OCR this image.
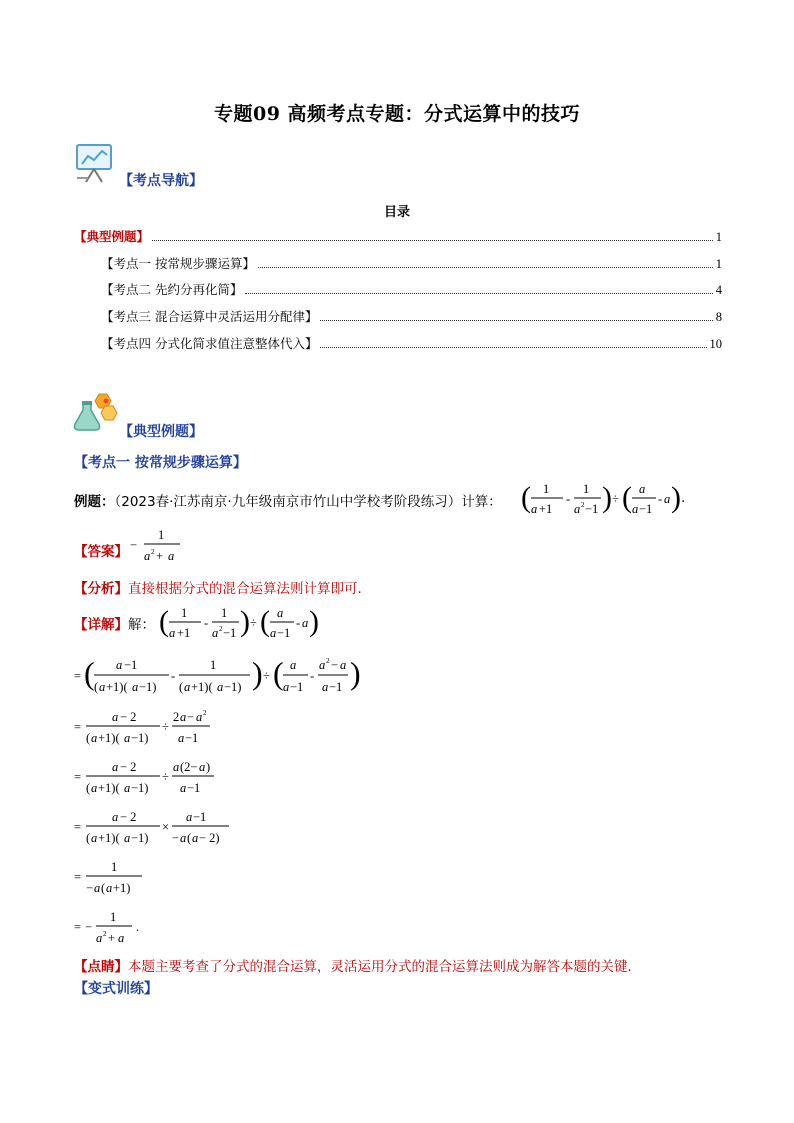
专题09 高频考点专题：分式运算中的技巧
【考点导航】
目录
【典型例题】	1
【考点一 按常规步骤运算】	1
【考点二 先约分再化简】	4
【考点三 混合运算中灵活运用分配律】	8
【考点四 分式化简求值注意整体代入】	10
【典型例题】
【考点一 按常规步骤运算】
例题：（2023春·江苏南京·九年级南京市竹山中学校考阶段练习）计算： ( 1
a +1
-
1
a 2 −1 ) ÷ ( a
a −1
- a ) .
【答案】 −
1
a 2 + a
【分析】直接根据分式的混合运算法则计算即可．
【详解】解： ( 1
a +1
-
1
a 2 −1 ) ÷ ( a
a −1
- a )
= ( a −1
( a +1)( a −1)
-
1
( a +1)( a −1) ) ÷ ( a
a −1
-
a 2 − a
a −1 )
=
a − 2
( a +1)( a −1)
÷
2 a − a 2
a −1
=
a − 2
( a +1)( a −1)
÷
a (2− a )
a −1
=
a − 2
( a +1)( a −1)
×
a −1
− a ( a − 2)
=
1
− a ( a +1)
= −
1
a 2 + a
.
【点睛】本题主要考查了分式的混合运算，灵活运用分式的混合运算法则成为解答本题的关键．
【变式训练】
